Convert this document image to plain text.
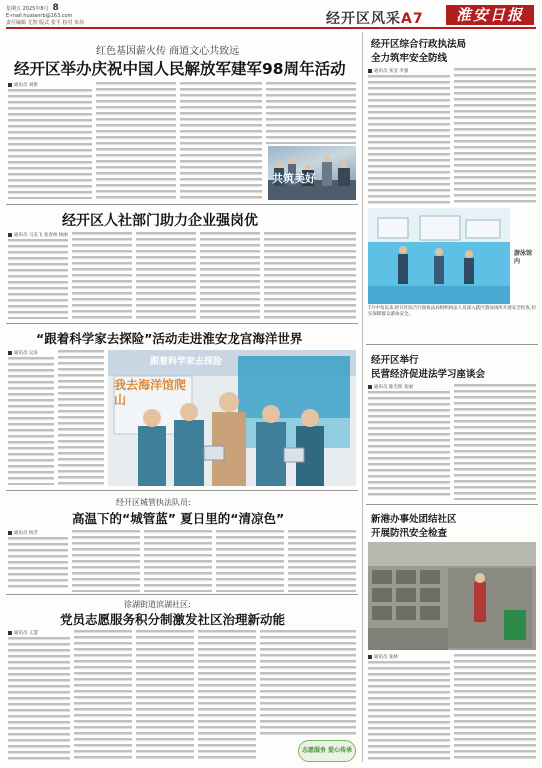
星期五 2025年8月 8
E-mail:huaianrb@163.com
责任编辑 尤智 版式 张平 校对 朱伟	经开区风采A7	淮安日报
红色基因薪火传 商道文心共致远
经开区举办庆祝中国人民解放军建军98周年活动
通讯员 刘新
共筑美好
经开区人社部门助力企业强岗优
通讯员 马美飞 张春林 杨丽
“跟着科学家去探险”活动走进淮安龙宫海洋世界
通讯员 吴涛
跟着科学家去探险
我去海洋馆爬山
经开区城管执法队员:
高温下的“城管蓝” 夏日里的“清凉色”
通讯员 杨芳
徐湖街道滨湖社区:
党员志愿服务积分制激发社区治理新动能
通讯员 王慧
志愿服务 爱心传承
经开区综合行政执法局
全力筑牢安全防线
通讯员 张莹 李强
游泳馆内
7月中旬以来,经开区综合行政执法局组织执法人员深入辖区游泳场所开展安全检查,切实保障群众游泳安全。
经开区举行
民营经济促进法学习座谈会
通讯员 陈光辉 张丽
新港办事处团结社区
开展防汛安全检查
通讯员 张林
